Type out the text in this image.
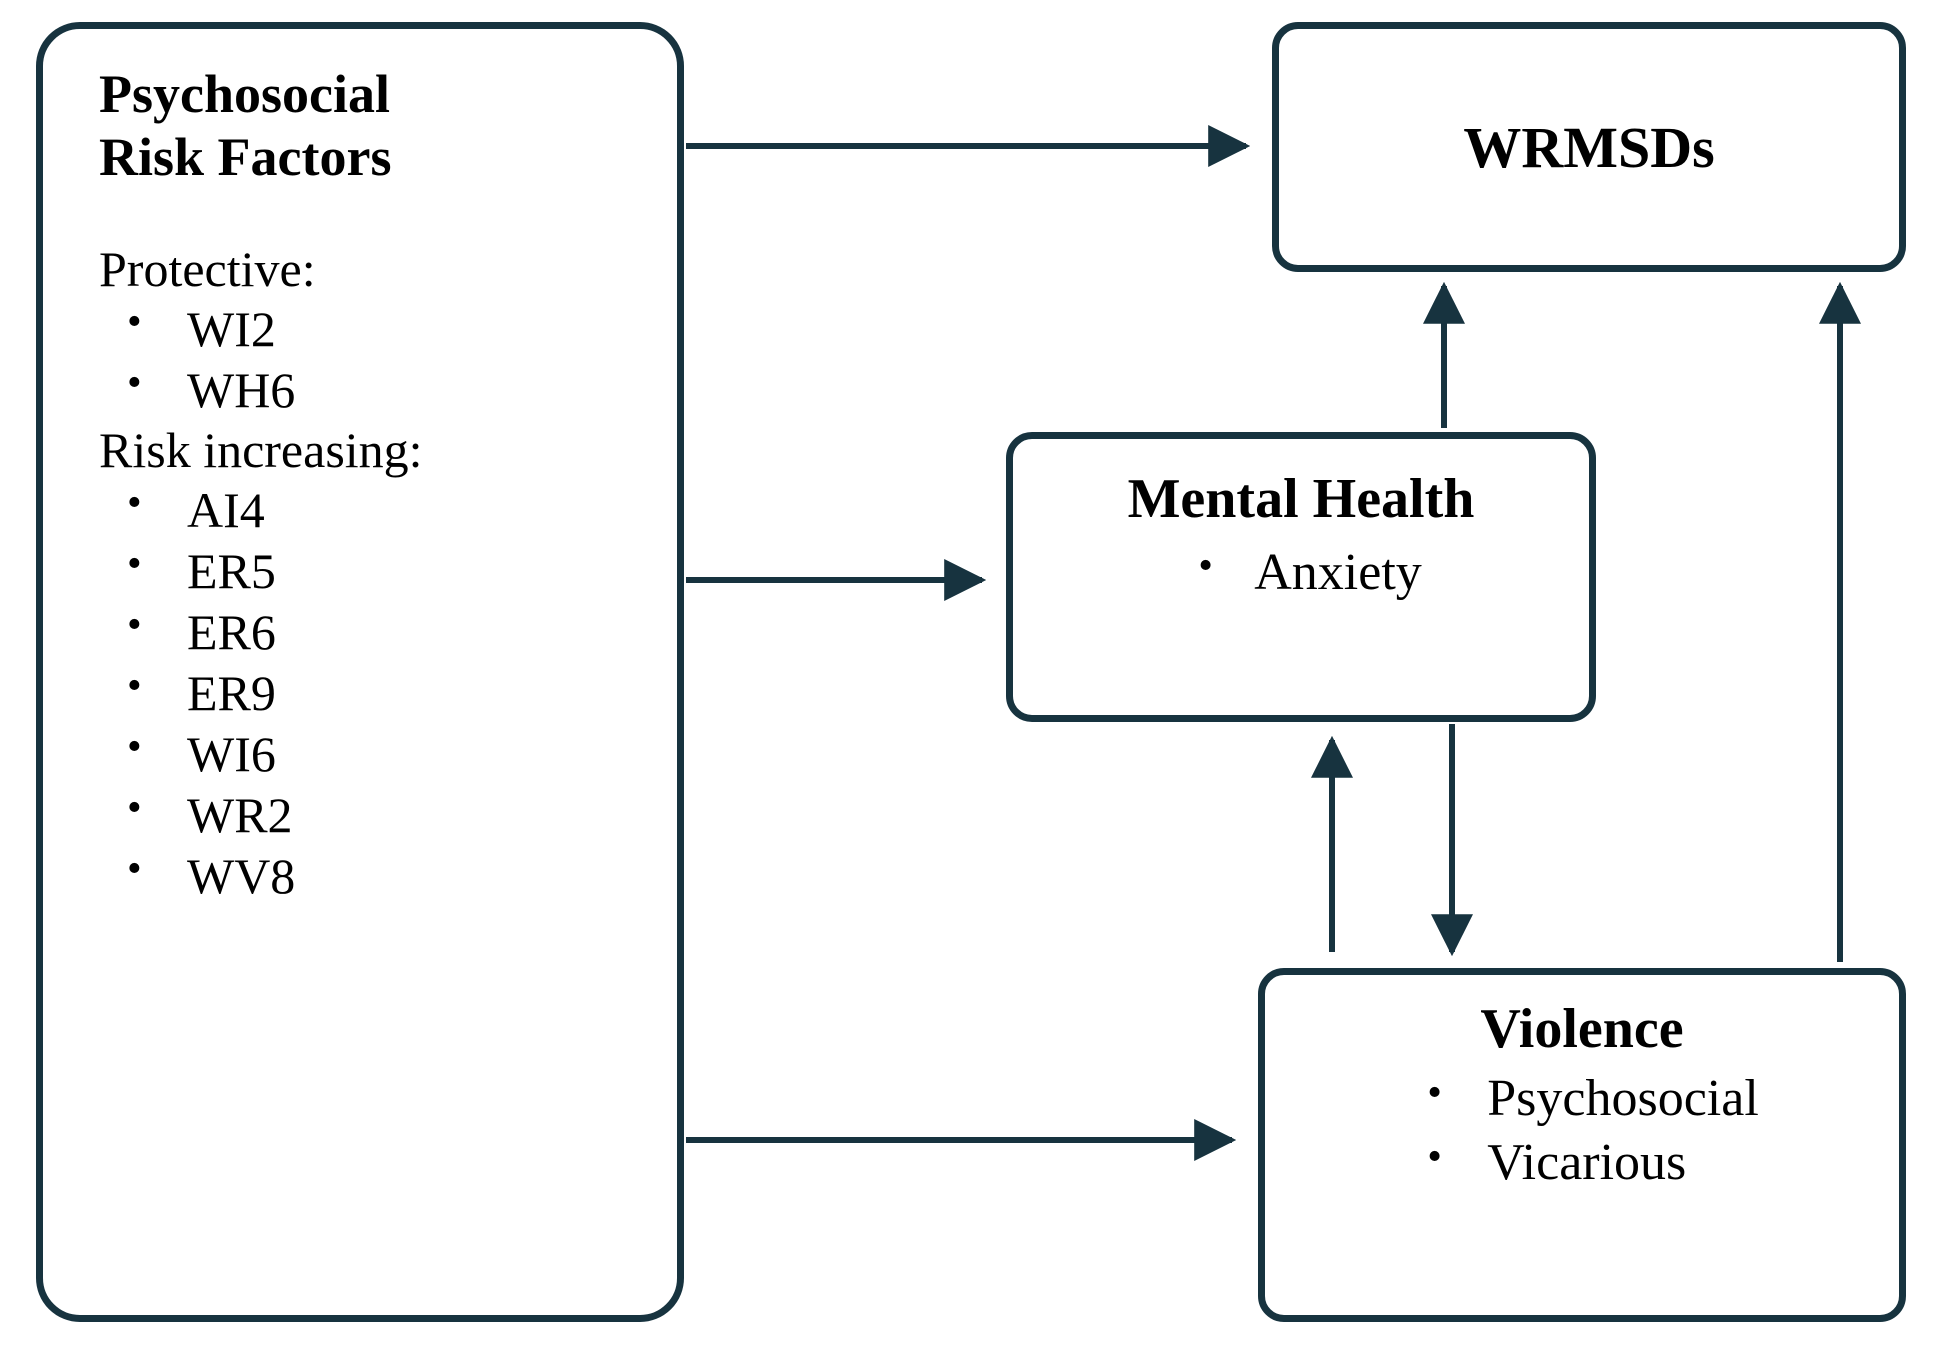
Psychosocial
Risk Factors
Protective:
• WI2
• WH6
Risk increasing:
• AI4
• ER5
• ER6
• ER9
• WI6
• WR2
• WV8
WRMSDs
Mental Health
• Anxiety
Violence
• Psychosocial
• Vicarious
